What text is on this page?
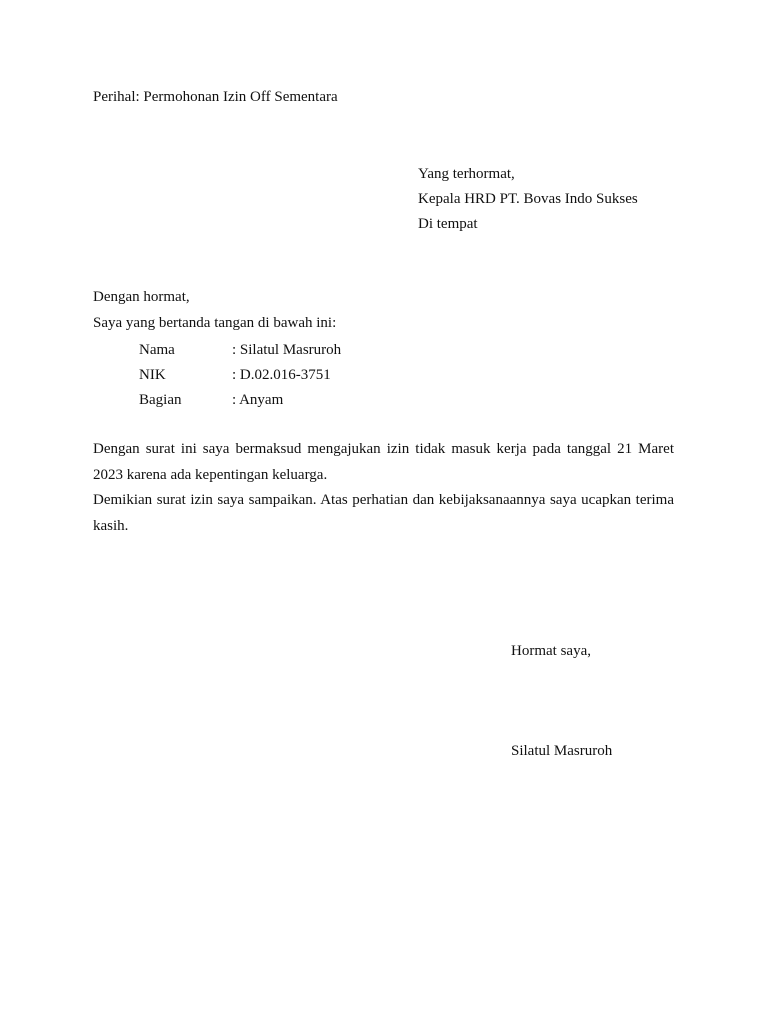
Perihal: Permohonan Izin Off Sementara
Yang terhormat,
Kepala HRD PT. Bovas Indo Sukses
Di tempat
Dengan hormat,
Saya yang bertanda tangan di bawah ini:
Nama	: Silatul Masruroh
NIK	: D.02.016-3751
Bagian	: Anyam

Dengan surat ini saya bermaksud mengajukan izin tidak masuk kerja pada tanggal 21 Maret 2023 karena ada kepentingan keluarga.

Demikian surat izin saya sampaikan. Atas perhatian dan kebijaksanaannya saya ucapkan terima kasih.

Hormat saya,
Silatul Masruroh
